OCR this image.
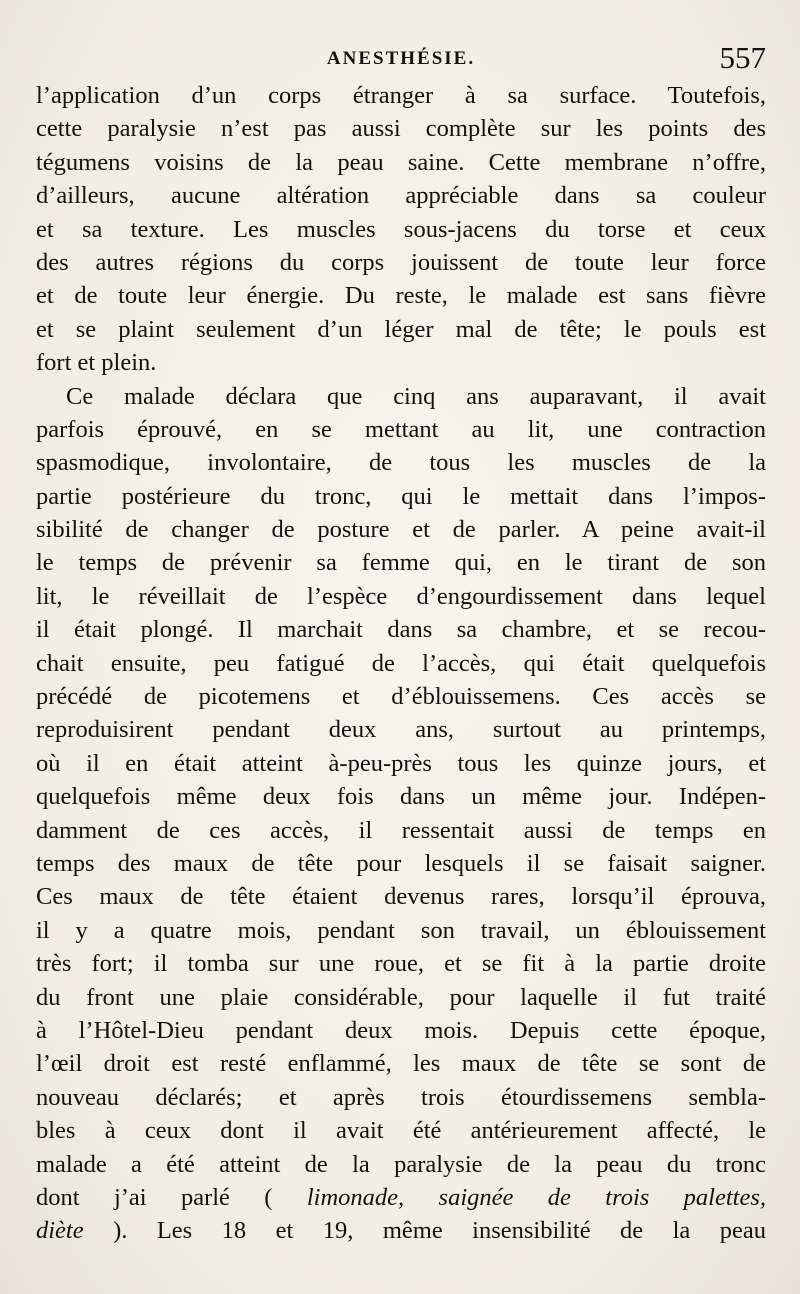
ANESTHÉSIE.	557
l’application d’un corps étranger à sa surface. Toutefois,
cette paralysie n’est pas aussi complète sur les points des
tégumens voisins de la peau saine. Cette membrane n’offre,
d’ailleurs, aucune altération appréciable dans sa couleur
et sa texture. Les muscles sous-jacens du torse et ceux
des autres régions du corps jouissent de toute leur force
et de toute leur énergie. Du reste, le malade est sans fièvre
et se plaint seulement d’un léger mal de tête; le pouls est
fort et plein.
Ce malade déclara que cinq ans auparavant, il avait
parfois éprouvé, en se mettant au lit, une contraction
spasmodique, involontaire, de tous les muscles de la
partie postérieure du tronc, qui le mettait dans l’impos-
sibilité de changer de posture et de parler. A peine avait-il
le temps de prévenir sa femme qui, en le tirant de son
lit, le réveillait de l’espèce d’engourdissement dans lequel
il était plongé. Il marchait dans sa chambre, et se recou-
chait ensuite, peu fatigué de l’accès, qui était quelquefois
précédé de picotemens et d’éblouissemens. Ces accès se
reproduisirent pendant deux ans, surtout au printemps,
où il en était atteint à-peu-près tous les quinze jours, et
quelquefois même deux fois dans un même jour. Indépen-
damment de ces accès, il ressentait aussi de temps en
temps des maux de tête pour lesquels il se faisait saigner.
Ces maux de tête étaient devenus rares, lorsqu’il éprouva,
il y a quatre mois, pendant son travail, un éblouissement
très fort; il tomba sur une roue, et se fit à la partie droite
du front une plaie considérable, pour laquelle il fut traité
à l’Hôtel-Dieu pendant deux mois. Depuis cette époque,
l’œil droit est resté enflammé, les maux de tête se sont de
nouveau déclarés; et après trois étourdissemens sembla-
bles à ceux dont il avait été antérieurement affecté, le
malade a été atteint de la paralysie de la peau du tronc
dont j’ai parlé ( limonade, saignée de trois palettes,
diète ). Les 18 et 19, même insensibilité de la peau
